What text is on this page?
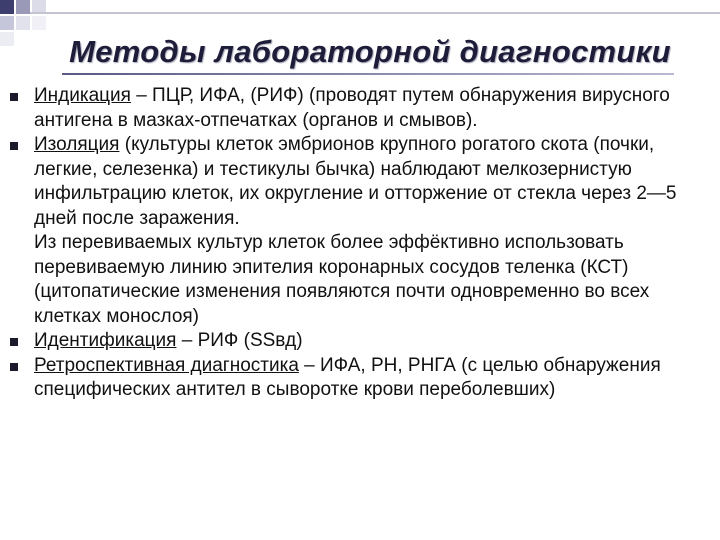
Методы лабораторной диагностики

Индикация – ПЦР, ИФА, (РИФ) (проводят путем обнаружения вирусного антигена в мазках-отпечатках (органов и смывов).

Изоляция (культуры клеток эмбрионов крупного рогатого скота (почки, легкие, селезенка) и тестикулы бычка) наблюдают мелкозернистую инфильтрацию клеток, их округление и отторжение от стекла через 2—5 дней после заражения.

Из перевиваемых культур клеток более эффёктивно использовать перевиваемую линию эпителия коронарных сосудов теленка (КСТ) (цитопатические изменения появляются почти одновременно во всех клетках монослоя)

Идентификация – РИФ (SSвд)

Ретроспективная диагностика – ИФА, РН, РНГА (с целью обнаружения специфических антител в сыворотке крови переболевших)
